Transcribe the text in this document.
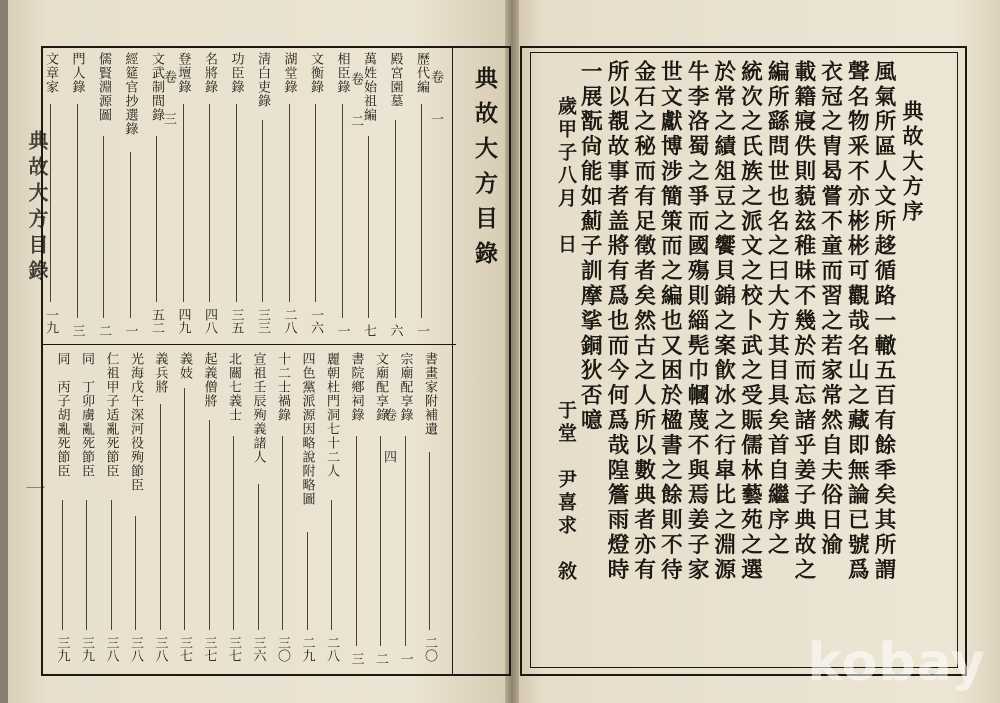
典故大方目錄
典故大方目錄
一
歷代編
一
殿宮園墓
六
萬姓始祖編
七
相臣錄
一
文衡錄
一六
湖堂錄
二八
淸白吏錄
三三
功臣錄
三五
名將錄
四八
登壇錄
四九
文武制間錄
五二
經筵官抄選錄
一
儒賢淵源圖
二
門人錄
三
文章家
一九
書畫家附補遺
二〇
宗廟配享錄
一
文廟配享錄
二
書院鄕祠錄
三
麗朝杜門洞七十二人
二八
四色黨派源因略說附略圖
二九
十二士禍錄
三〇
宣祖壬辰殉義諸人
三六
北關七義士
三七
起義僧將
三七
義妓
三七
義兵將
三八
光海戊午深河役殉節臣
三八
仁祖甲子适亂死節臣
三八
同　丁卯虜亂死節臣
三九
同　丙子胡亂死節臣
三九
卷　一
卷　二
卷　三
卷　四
典故大方序
風氣所區人文所趍循路一轍五百有餘秊矣其所謂
聲名物釆不亦彬彬可觀哉名山之藏即無論已號爲
衣冠之胄曷嘗不童而習之若家常然自夫俗日渝
載籍寢佚則藐玆稚昧不幾於而忘諸乎姜子典故之
編所繇問世也名之曰大方其目具矣首自繼序之
統次之氏族之派文之校卜武之受賑儒林藝苑之選
於常之績俎豆之饗貝錦之案飮冰之行皐比之淵源
牛李洛蜀之爭而國殤則緇髡巾幗蔑不與焉姜子家
世文獻博涉簡策而之編也又困於楹書之餘則不待
金石之秘而有足徵者矣然古之人所以數典者亦有
所以覩故事者盖將有爲也而今何爲哉隍簷雨燈時
一展翫尙能如薊子訓摩挲銅狄否噫
歲甲子八月　日
于堂　尹喜求　敘
kobay
